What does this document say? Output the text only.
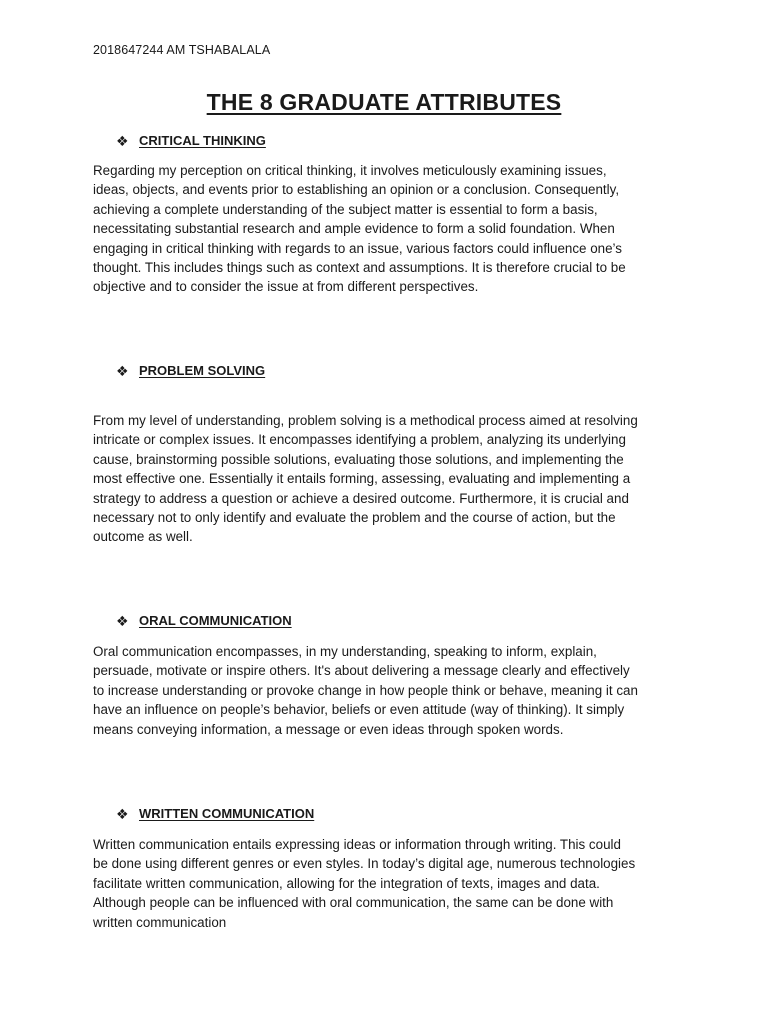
2018647244 AM TSHABALALA
THE 8 GRADUATE ATTRIBUTES
❖ CRITICAL THINKING

Regarding my perception on critical thinking, it involves meticulously examining issues,
ideas, objects, and events prior to establishing an opinion or a conclusion. Consequently,
achieving a complete understanding of the subject matter is essential to form a basis,
necessitating substantial research and ample evidence to form a solid foundation. When
engaging in critical thinking with regards to an issue, various factors could influence one’s
thought. This includes things such as context and assumptions. It is therefore crucial to be
objective and to consider the issue at from different perspectives.

❖ PROBLEM SOLVING

From my level of understanding, problem solving is a methodical process aimed at resolving
intricate or complex issues. It encompasses identifying a problem, analyzing its underlying
cause, brainstorming possible solutions, evaluating those solutions, and implementing the
most effective one. Essentially it entails forming, assessing, evaluating and implementing a
strategy to address a question or achieve a desired outcome. Furthermore, it is crucial and
necessary not to only identify and evaluate the problem and the course of action, but the
outcome as well.

❖ ORAL COMMUNICATION

Oral communication encompasses, in my understanding, speaking to inform, explain,
persuade, motivate or inspire others. It's about delivering a message clearly and effectively
to increase understanding or provoke change in how people think or behave, meaning it can
have an influence on people’s behavior, beliefs or even attitude (way of thinking). It simply
means conveying information, a message or even ideas through spoken words.

❖ WRITTEN COMMUNICATION

Written communication entails expressing ideas or information through writing. This could
be done using different genres or even styles. In today’s digital age, numerous technologies
facilitate written communication, allowing for the integration of texts, images and data.
Although people can be influenced with oral communication, the same can be done with
written communication
